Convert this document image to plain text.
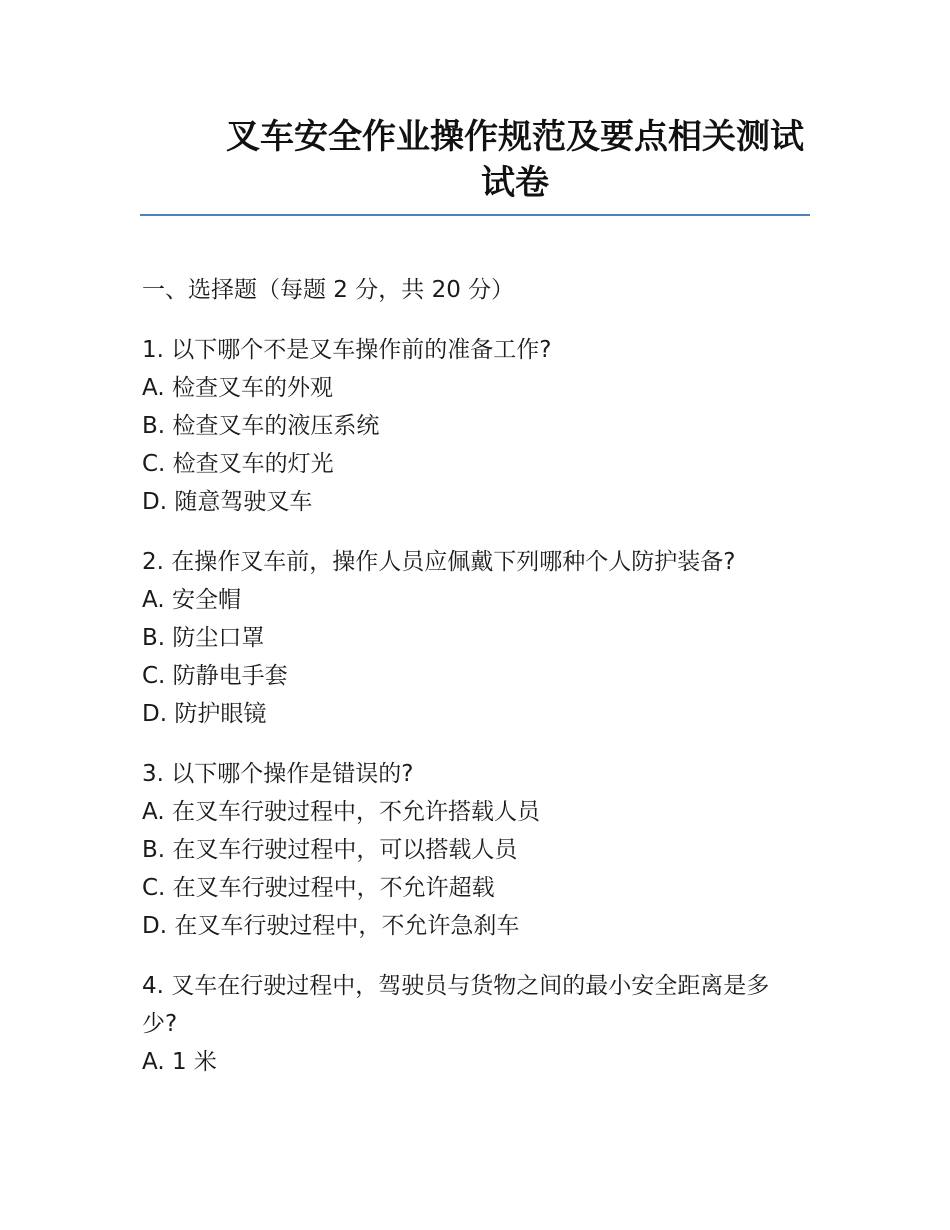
叉车安全作业操作规范及要点相关测试试卷
一、选择题（每题 2 分，共 20 分）
1. 以下哪个不是叉车操作前的准备工作?
A. 检查叉车的外观
B. 检查叉车的液压系统
C. 检查叉车的灯光
D. 随意驾驶叉车
2. 在操作叉车前，操作人员应佩戴下列哪种个人防护装备?
A. 安全帽
B. 防尘口罩
C. 防静电手套
D. 防护眼镜
3. 以下哪个操作是错误的?
A. 在叉车行驶过程中，不允许搭载人员
B. 在叉车行驶过程中，可以搭载人员
C. 在叉车行驶过程中，不允许超载
D. 在叉车行驶过程中，不允许急刹车
4. 叉车在行驶过程中，驾驶员与货物之间的最小安全距离是多少?
A. 1 米
